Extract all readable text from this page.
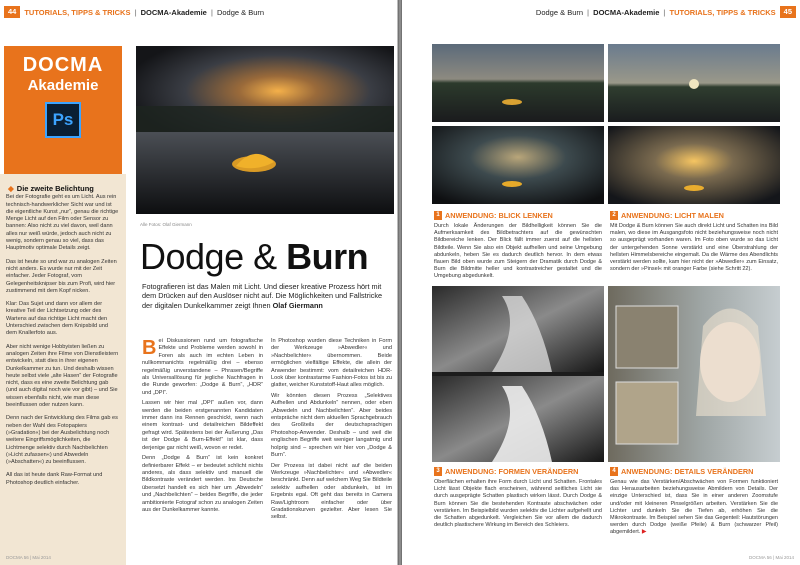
44	TUTORIALS, TIPPS & TRICKS | DOCMA-Akademie | Dodge & Burn
DOCMA
Akademie
Ps
◆ Die zweite Belichtung

Bei der Fotografie geht es um Licht. Aus rein technisch-handwerklicher Sicht war und ist die eigentliche Kunst „nur“, genau die richtige Menge Licht auf den Film oder Sensor zu bannen: Also nicht zu viel davon, weil dann alles nur weiß würde, jedoch auch nicht zu wenig, sondern genau so viel, dass das Hauptmotiv optimale Details zeigt.

Das ist heute so und war zu analogen Zeiten nicht anders. Es wurde nur mit der Zeit einfacher. Jeder Fotograf, vom Gelegenheitsknipser bis zum Profi, wird hier zustimmend mit dem Kopf nicken.

Klar: Das Sujet und dann vor allem der kreative Teil der Lichtsetzung oder des Wartens auf das richtige Licht macht den Unterschied zwischen dem Knipsbild und dem Knallerfoto aus.

Aber nicht wenige Hobbyisten ließen zu analogen Zeiten ihre Filme von Dienstleistern entwickeln, statt dies in ihrer eigenen Dunkelkammer zu tun. Und deshalb wissen heute selbst viele „alte Hasen“ der Fotografie nicht, dass es eine zweite Belichtung gab (und auch digital noch wie vor gibt) – und Sie wissen ebenfalls nicht, wie man diese beeinflussen oder nutzen kann.

Denn nach der Entwicklung des Films gab es neben der Wahl des Fotopapiers (»Gradation«) bei der Ausbelichtung noch weitere Eingriffsmöglichkeiten, die Lichtmenge selektiv durch Nachbelichten (»Licht zufassen«) und Abwedeln (»Abschatten«) zu beeinflussen.

All das ist heute dank Raw-Format und Photoshop deutlich einfacher.

Alle Fotos: Olaf Giermann
Dodge & Burn
Fotografieren ist das Malen mit Licht. Und dieser kreative Prozess hört mit dem Drücken auf den Auslöser nicht auf. Die Möglichkeiten und Fallstricke der digitalen Dunkelkammer zeigt Ihnen Olaf Giermann

Bei Diskussionen rund um fotografische Effekte und Probleme werden sowohl in Foren als auch im echten Leben in nullkommanichts regelmäßig drei – ebenso regelmäßig unverstandene – Phrasen/Begriffe als Universallösung für jegliche Nachfragen in die Runde geworfen: „Dodge & Burn“, „HDR“ und „DPI“.

Lassen wir hier mal „DPI“ außen vor, dann werden die beiden erstgenannten Kandidaten immer dann ins Rennen geschickt, wenn nach einem kontrast- und detailreichen Bildeffekt gefragt wird. Spätestens bei der Äußerung „Das ist der Dodge & Burn-Effekt!“ ist klar, dass derjenige gar nicht weiß, wovon er redet.

Denn „Dodge & Burn“ ist kein konkret definierbarer Effekt – er bedeutet schlicht nichts anderes, als dass selektiv und manuell die Bildkontraste verändert werden. Ins Deutsche übersetzt handelt es sich hier um „Abwedeln“ und „Nachbelichten“ – beides Begriffe, die jeder ambitionierte Fotograf schon zu analogen Zeiten aus der Dunkelkammer kannte.

In Photoshop wurden diese Techniken in Form der Werkzeuge »Abwedler« und »Nachbelichter« übernommen. Beide ermöglichen vielfältige Effekte, die allein der Anwender bestimmt: vom detailreichen HDR-Look über kontrastarme Fashion-Fotos ist bis zu glatter, weicher Kunststoff-Haut alles möglich.

Wir könnten diesen Prozess „Selektives Aufhellen und Abdunkeln“ nennen, oder eben „Abwedeln und Nachbelichten“. Aber beides entspräche nicht dem aktuellen Sprachgebrauch des Großteils der deutschsprachigen Photoshop-Anwender. Deshalb – und weil die englischen Begriffe weit weniger langatmig und holprig sind – sprechen wir hier von „Dodge & Burn“.

Der Prozess ist dabei nicht auf die beiden Werkzeuge »Nachbelichter« und »Abwedler« beschränkt. Denn auf welchem Weg Sie Bildteile selektiv aufhellen oder abdunkeln, ist im Ergebnis egal. Oft geht das bereits in Camera Raw/Lightroom einfacher oder über Gradationskurven gezielter. Aber lesen Sie selbst.

DOCMA 56 | Mai 2014
Dodge & Burn | DOCMA-Akademie | TUTORIALS, TIPPS & TRICKS	45
1 ANWENDUNG: BLICK LENKEN
Durch lokale Änderungen der Bildhelligkeit können Sie die Aufmerksamkeit des Bildbetrachters auf die gewünschten Bildbereiche lenken. Der Blick fällt immer zuerst auf die hellsten Bildteile. Wenn Sie also ein Objekt aufhellen und seine Umgebung abdunkeln, heben Sie es dadurch deutlich hervor. In dem etwas flauen Bild oben wurde zum Steigern der Dramatik durch Dodge & Burn die Bildmitte heller und kontrastreicher gestaltet und die Umgebung abgedunkelt.
2 ANWENDUNG: LICHT MALEN
Mit Dodge & Burn können Sie auch direkt Licht und Schatten ins Bild malen, wo diese im Ausgangsfoto nicht beziehungsweise noch nicht so ausgeprägt vorhanden waren. Im Foto oben wurde so das Licht der untergehenden Sonne verstärkt und eine Überstrahlung der hellsten Himmelsbereiche eingemalt. Da die Wärme des Abendlichts verstärkt werden sollte, kam hier nicht der »Abwedler« zum Einsatz, sondern der »Pinsel« mit oranger Farbe (siehe Schritt 22).
3 ANWENDUNG: FORMEN VERÄNDERN
Oberflächen erhalten ihre Form durch Licht und Schatten. Frontales Licht lässt Objekte flach erscheinen, während seitliches Licht sie durch ausgeprägte Schatten plastisch wirken lässt. Durch Dodge & Burn können Sie die bestehenden Kontraste abschwächen oder verstärken. Im Beispielbild wurden selektiv die Lichter aufgehellt und die Schatten abgedunkelt. Vergleichen Sie vor allem die dadurch deutlich plastischere Wirkung im Bereich des Schleiers.
4 ANWENDUNG: DETAILS VERÄNDERN
Genau wie das Verstärken/Abschwächen von Formen funktioniert das Herausarbeiten beziehungsweise Abmildern von Details. Der einzige Unterschied ist, dass Sie in einer anderen Zoomstufe und/oder mit kleineren Pinselgrößen arbeiten. Verstärken Sie die Lichter und dunkeln Sie die Tiefen ab, erhöhen Sie die Mikrokontraste. Im Beispiel sehen Sie das Gegenteil: Hautstörungen werden durch Dodge (weiße Pfeile) & Burn (schwarzer Pfeil) abgemildert. ▶
DOCMA 56 | Mai 2014
